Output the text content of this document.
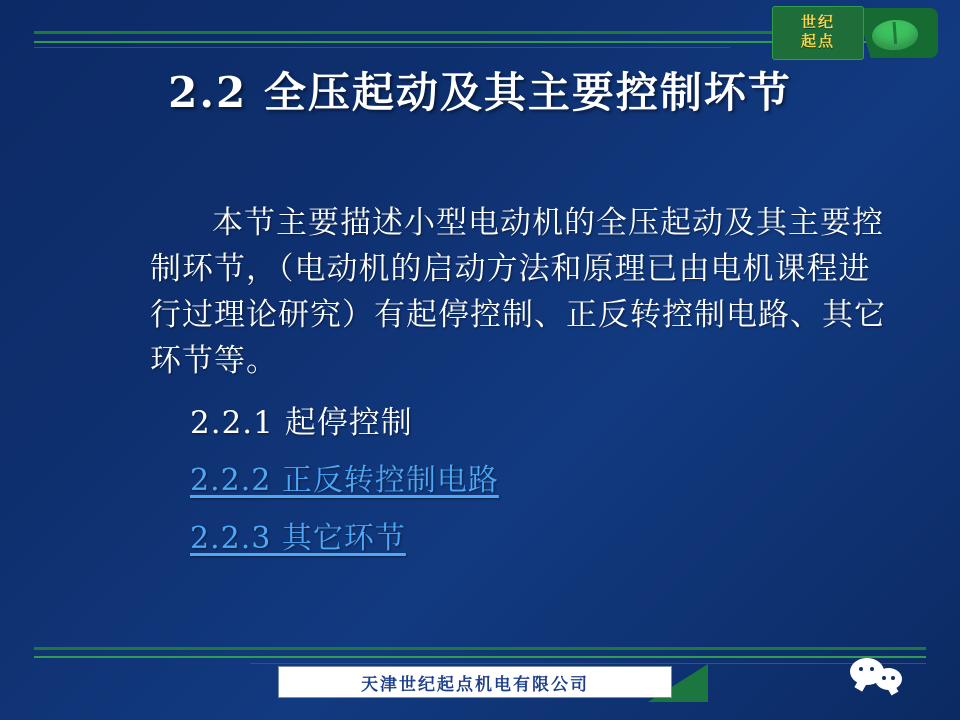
世纪
起点
2.2 全压起动及其主要控制坏节

本节主要描述小型电动机的全压起动及其主要控制环节，（电动机的启动方法和原理已由电机课程进行过理论研究）有起停控制、正反转控制电路、其它环节等。

2.2.1 起停控制
2.2.2 正反转控制电路
2.2.3 其它环节
天津世纪起点机电有限公司
